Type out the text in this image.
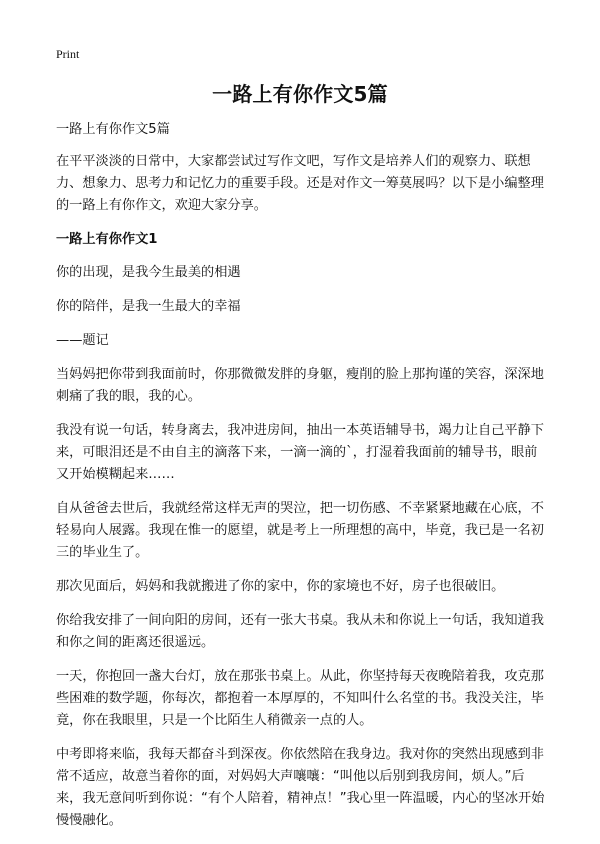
Print
一路上有你作文5篇

一路上有你作文5篇

在平平淡淡的日常中，大家都尝试过写作文吧，写作文是培养人们的观察力、联想力、想象力、思考力和记忆力的重要手段。还是对作文一筹莫展吗？以下是小编整理的一路上有你作文，欢迎大家分享。

一路上有你作文1

你的出现，是我今生最美的相遇

你的陪伴，是我一生最大的幸福

——题记

当妈妈把你带到我面前时，你那微微发胖的身躯，瘦削的脸上那拘谨的笑容，深深地刺痛了我的眼，我的心。

我没有说一句话，转身离去，我冲进房间，抽出一本英语辅导书，竭力让自己平静下来，可眼泪还是不由自主的滴落下来，一滴一滴的`，打湿着我面前的辅导书，眼前又开始模糊起来……

自从爸爸去世后，我就经常这样无声的哭泣，把一切伤感、不幸紧紧地藏在心底，不轻易向人展露。我现在惟一的愿望，就是考上一所理想的高中，毕竟，我已是一名初三的毕业生了。

那次见面后，妈妈和我就搬进了你的家中，你的家境也不好，房子也很破旧。

你给我安排了一间向阳的房间，还有一张大书桌。我从未和你说上一句话，我知道我和你之间的距离还很遥远。

一天，你抱回一盏大台灯，放在那张书桌上。从此，你坚持每天夜晚陪着我，攻克那些困难的数学题，你每次，都抱着一本厚厚的，不知叫什么名堂的书。我没关注，毕竟，你在我眼里，只是一个比陌生人稍微亲一点的人。

中考即将来临，我每天都奋斗到深夜。你依然陪在我身边。我对你的突然出现感到非常不适应，故意当着你的面，对妈妈大声嚷嚷：“叫他以后别到我房间，烦人。”后来，我无意间听到你说：“有个人陪着，精神点！”我心里一阵温暖，内心的坚冰开始慢慢融化。
